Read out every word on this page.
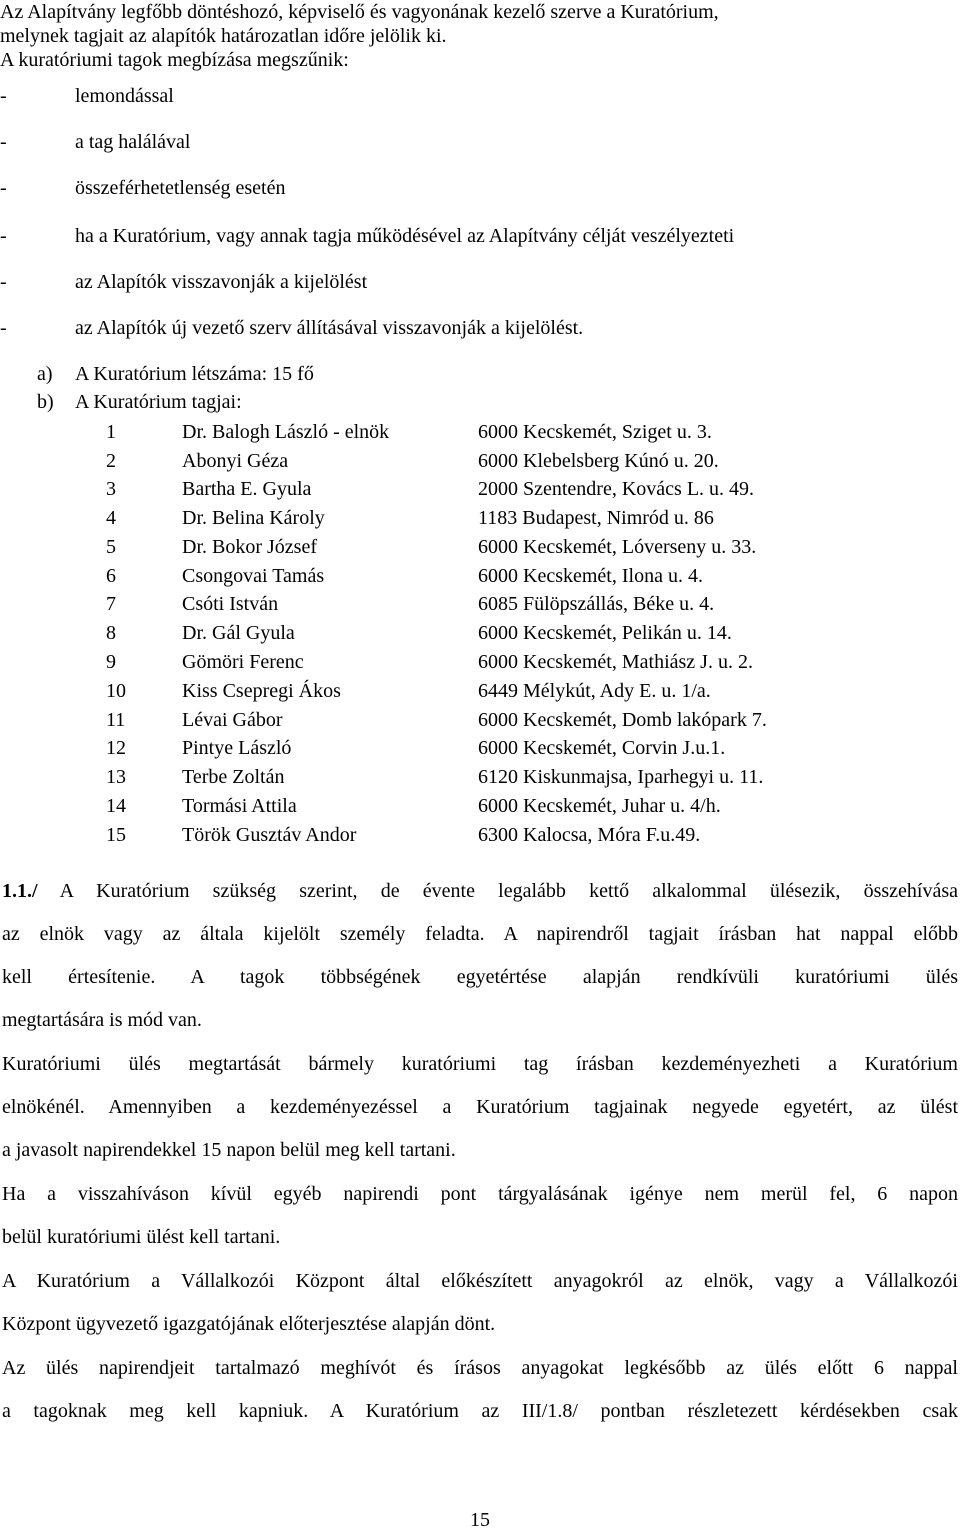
Az Alapítvány legfőbb döntéshozó, képviselő és vagyonának kezelő szerve a Kuratórium,
melynek tagjait az alapítók határozatlan időre jelölik ki.
A kuratóriumi tagok megbízása megszűnik:
-	lemondással
-	a tag halálával
-	összeférhetetlenség esetén
-	ha a Kuratórium, vagy annak tagja működésével az Alapítvány célját veszélyezteti
-	az Alapítók visszavonják a kijelölést
-	az Alapítók új vezető szerv állításával visszavonják a kijelölést.
a) A Kuratórium létszáma: 15 fő
b) A Kuratórium tagjai:
1	Dr. Balogh László - elnök	6000 Kecskemét, Sziget u. 3.
2	Abonyi Géza	6000 Klebelsberg Kúnó u. 20.
3	Bartha E. Gyula	2000 Szentendre, Kovács L. u. 49.
4	Dr. Belina Károly	1183 Budapest, Nimród u. 86
5	Dr. Bokor József	6000 Kecskemét, Lóverseny u. 33.
6	Csongovai Tamás	6000 Kecskemét, Ilona u. 4.
7	Csóti István	6085 Fülöpszállás, Béke u. 4.
8	Dr. Gál Gyula	6000 Kecskemét, Pelikán u. 14.
9	Gömöri Ferenc	6000 Kecskemét, Mathiász J. u. 2.
10	Kiss Csepregi Ákos	6449 Mélykút, Ady E. u. 1/a.
11	Lévai Gábor	6000 Kecskemét, Domb lakópark 7.
12	Pintye László	6000 Kecskemét, Corvin J.u.1.
13	Terbe Zoltán	6120 Kiskunmajsa, Iparhegyi u. 11.
14	Tormási Attila	6000 Kecskemét, Juhar u. 4/h.
15	Török Gusztáv Andor	6300 Kalocsa, Móra F.u.49.
1.1./ A Kuratórium szükség szerint, de évente legalább kettő alkalommal ülésezik, összehívása
az elnök vagy az általa kijelölt személy feladta. A napirendről tagjait írásban hat nappal előbb
kell értesítenie. A tagok többségének egyetértése alapján rendkívüli kuratóriumi ülés
megtartására is mód van.
Kuratóriumi ülés megtartását bármely kuratóriumi tag írásban kezdeményezheti a Kuratórium
elnökénél. Amennyiben a kezdeményezéssel a Kuratórium tagjainak negyede egyetért, az ülést
a javasolt napirendekkel 15 napon belül meg kell tartani.
Ha a visszahíváson kívül egyéb napirendi pont tárgyalásának igénye nem merül fel, 6 napon
belül kuratóriumi ülést kell tartani.
A Kuratórium a Vállalkozói Központ által előkészített anyagokról az elnök, vagy a Vállalkozói
Központ ügyvezető igazgatójának előterjesztése alapján dönt.
Az ülés napirendjeit tartalmazó meghívót és írásos anyagokat legkésőbb az ülés előtt 6 nappal
a tagoknak meg kell kapniuk. A Kuratórium az III/1.8/ pontban részletezett kérdésekben csak
15
